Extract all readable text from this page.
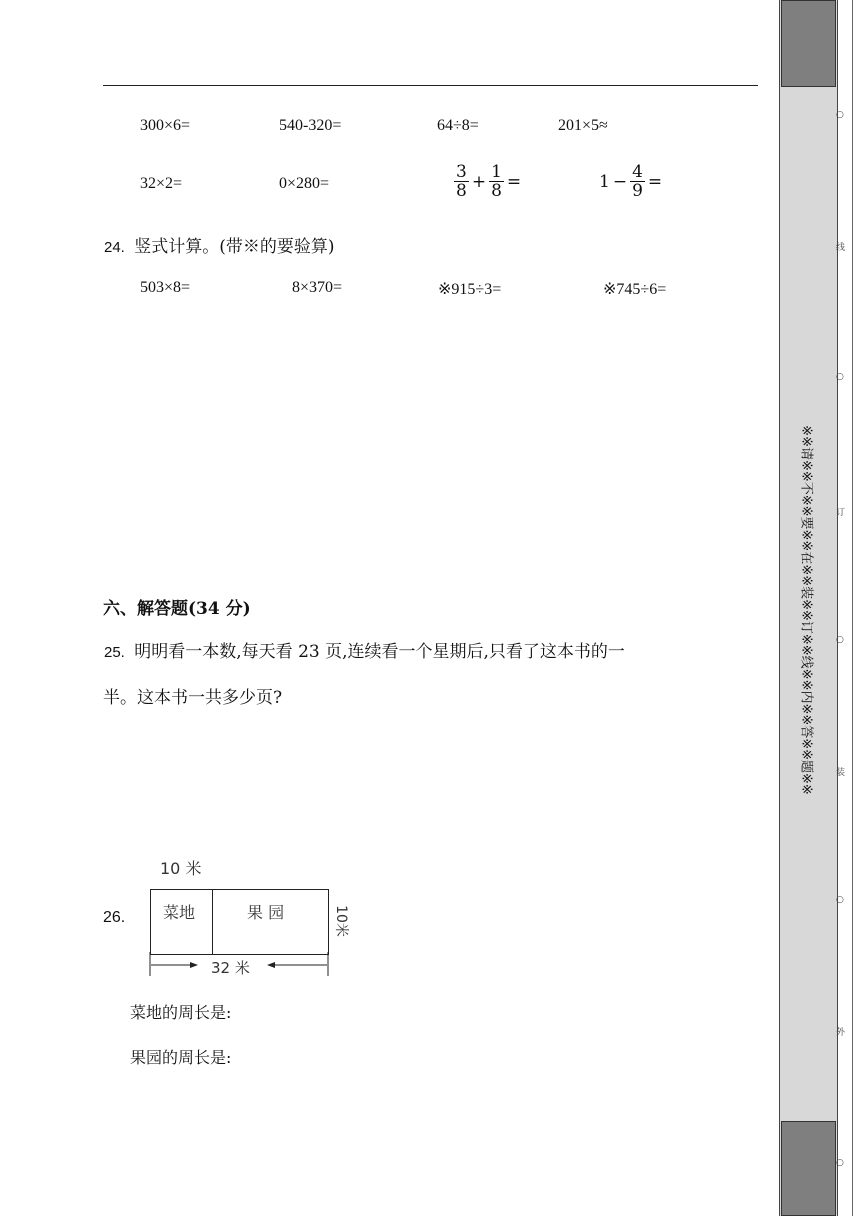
300×6=	540-320=	64÷8=	201×5≈
32×2=	0×280=	$\frac{3}{8} + \frac{1}{8}$ =	$1 - \frac{4}{9}$ =
24. 竖式计算。(带※的要验算)
503×8=	8×370=	※915÷3=	※745÷6=
六、解答题(34 分)
25. 明明看一本数,每天看 23 页,连续看一个星期后,只看了这本书的一
半。这本书一共多少页?
26.
10 米
菜地	果 园	10米
32 米
菜地的周长是:
果园的周长是:
※※请※※不※※要※※在※※装※※订※※线※※内※※答※※题※※
○
线
○
订
○
装
○
外
○
